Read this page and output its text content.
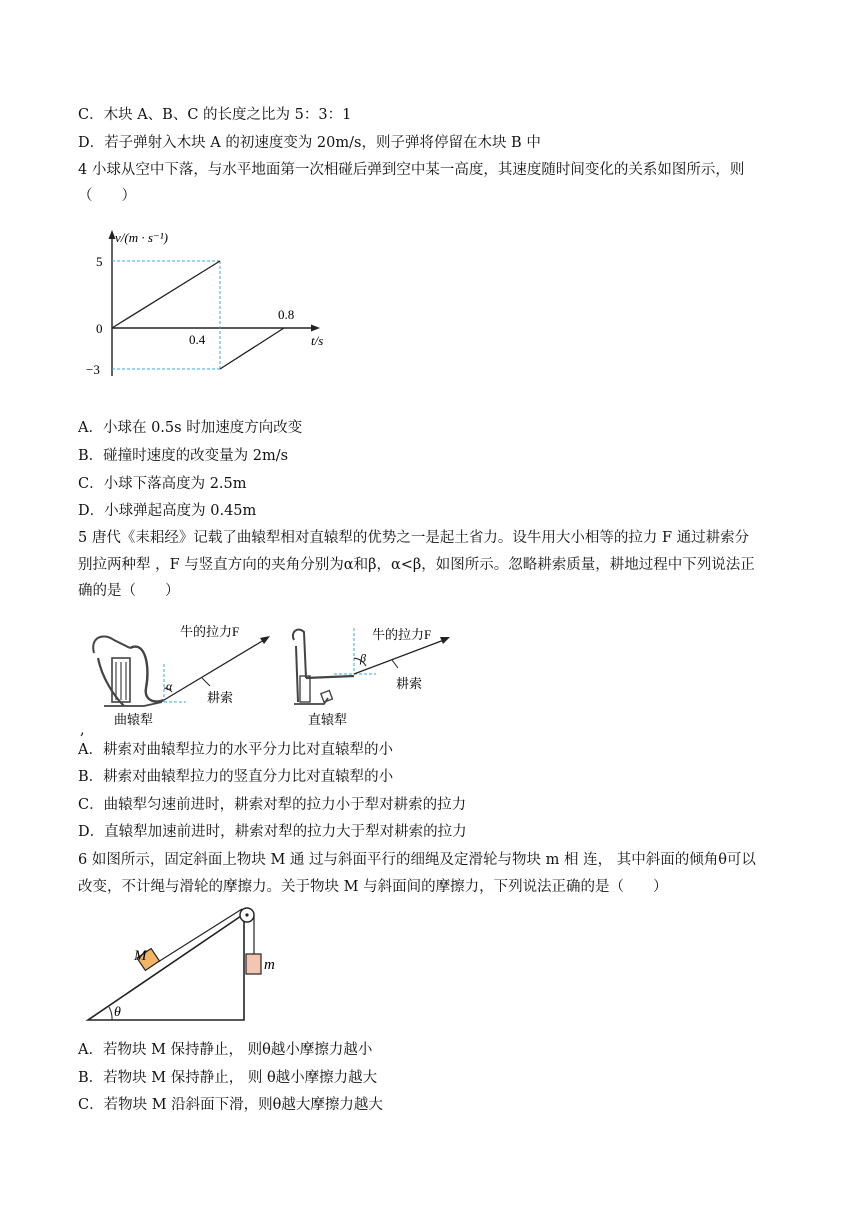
C．木块 A、B、C 的长度之比为 5：3：1
D．若子弹射入木块 A 的初速度变为 20m/s，则子弹将停留在木块 B 中
4 小球从空中下落，与水平地面第一次相碰后弹到空中某一高度，其速度随时间变化的关系如图所示，则
（　　）
v/(m · s⁻¹)
t/s
5
0
−3
0.4
0.8
A．小球在 0.5s 时加速度方向改变
B．碰撞时速度的改变量为 2m/s
C．小球下落高度为 2.5m
D．小球弹起高度为 0.45m
5 唐代《耒耜经》记载了曲辕犁相对直辕犁的优势之一是起土省力。设牛用大小相等的拉力 F 通过耕索分
别拉两种犁 ，F 与竖直方向的夹角分别为α和β，α<β，如图所示。忽略耕索质量，耕地过程中下列说法正
确的是（　　）
牛的拉力F
α
耕索
曲辕犁
牛的拉力F
β
耕索
直辕犁
,
A．耕索对曲辕犁拉力的水平分力比对直辕犁的小
B．耕索对曲辕犁拉力的竖直分力比对直辕犁的小
C．曲辕犁匀速前进时，耕索对犁的拉力小于犁对耕索的拉力
D．直辕犁加速前进时，耕索对犁的拉力大于犁对耕索的拉力
6 如图所示，固定斜面上物块 M 通 过与斜面平行的细绳及定滑轮与物块 m 相 连， 其中斜面的倾角θ可以
改变，不计绳与滑轮的摩擦力。关于物块 M 与斜面间的摩擦力，下列说法正确的是（　　）
M
m
θ
A．若物块 M 保持静止， 则θ越小摩擦力越小
B．若物块 M 保持静止， 则 θ越小摩擦力越大
C．若物块 M 沿斜面下滑，则θ越大摩擦力越大
